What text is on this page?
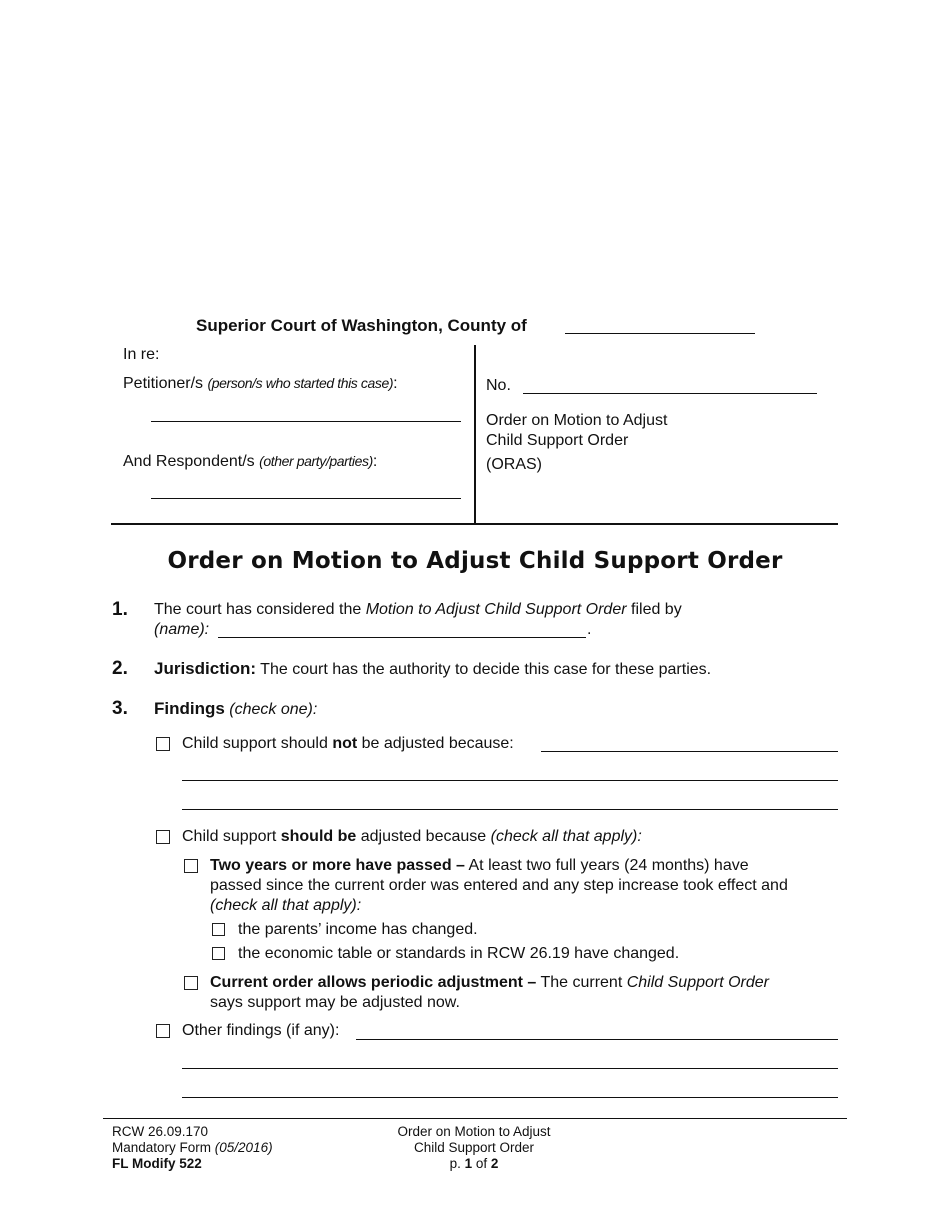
Superior Court of Washington, County of
In re:
Petitioner/s (person/s who started this case):
And Respondent/s (other party/parties):
No.
Order on Motion to Adjust
Child Support Order
(ORAS)
Order on Motion to Adjust Child Support Order
1. The court has considered the Motion to Adjust Child Support Order filed by
(name):	.
2. Jurisdiction: The court has the authority to decide this case for these parties.
3. Findings (check one):
Child support should not be adjusted because:
Child support should be adjusted because (check all that apply):
Two years or more have passed – At least two full years (24 months) have
passed since the current order was entered and any step increase took effect and
(check all that apply):
the parents’ income has changed.
the economic table or standards in RCW 26.19 have changed.
Current order allows periodic adjustment – The current Child Support Order
says support may be adjusted now.
Other findings (if any):
RCW 26.09.170
Mandatory Form (05/2016)
FL Modify 522
Order on Motion to Adjust
Child Support Order
p. 1 of 2
